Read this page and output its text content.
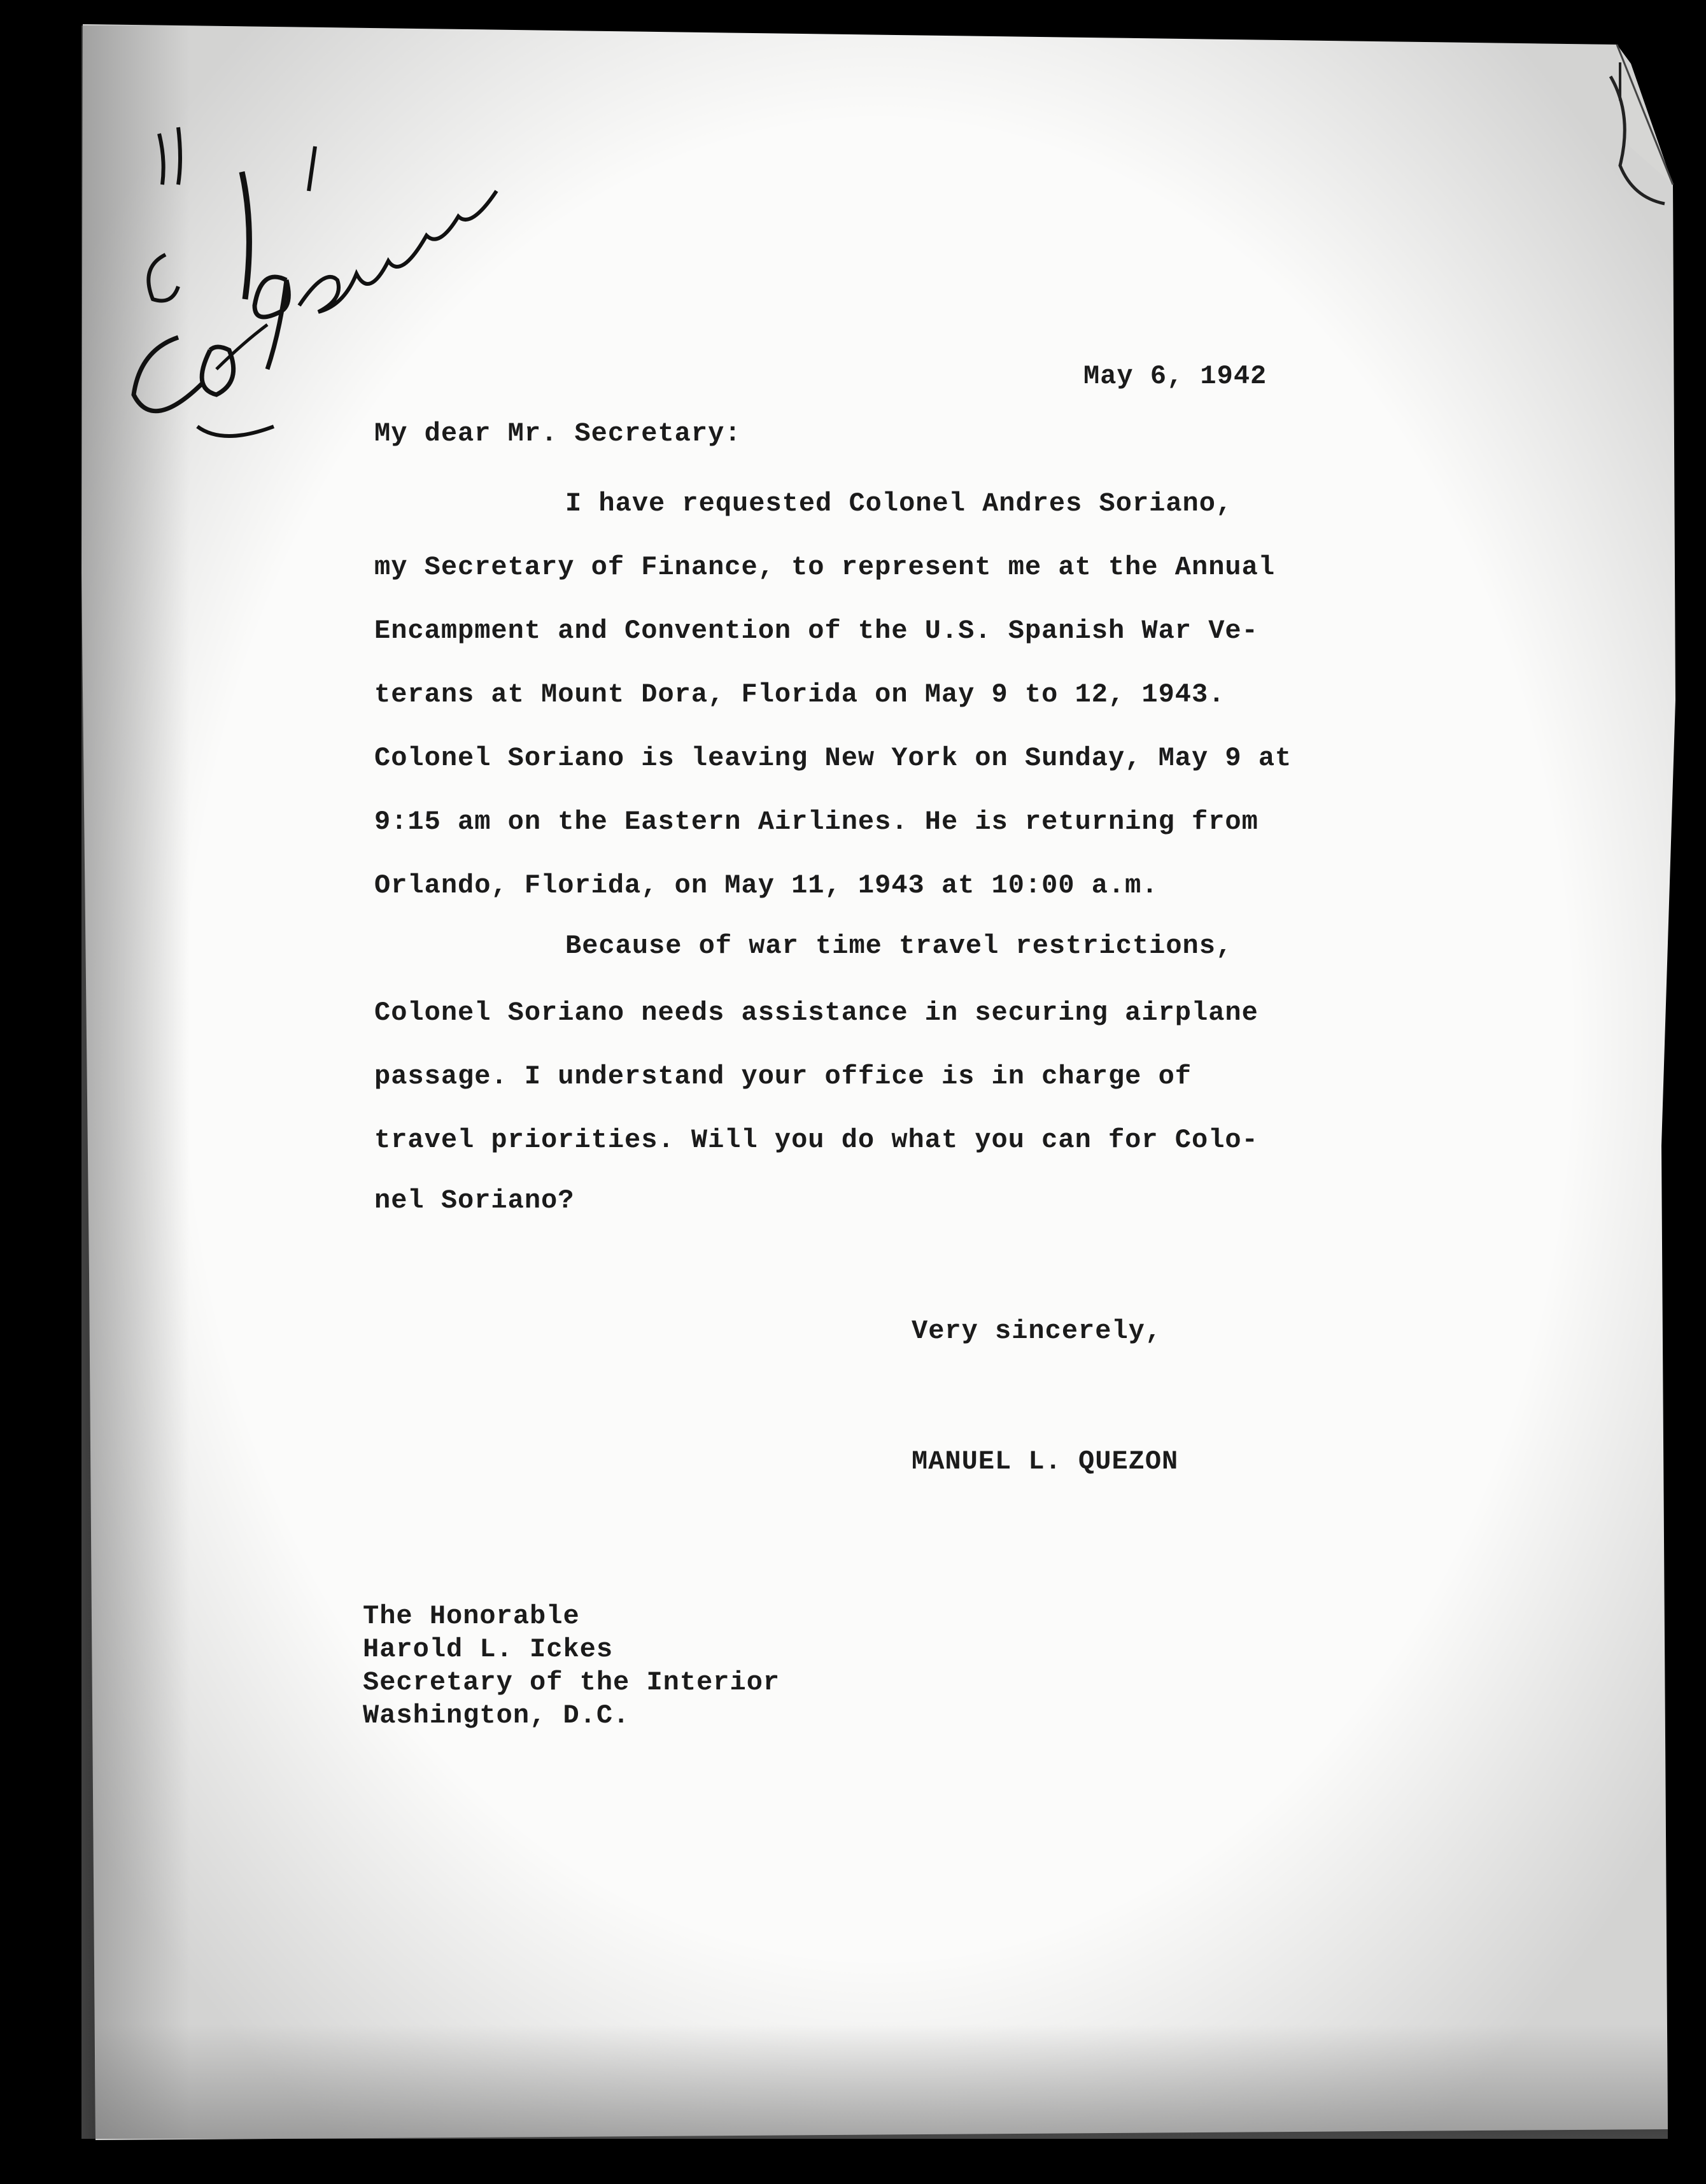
Col Soriano
May 6, 1942
My dear Mr. Secretary:
I have requested Colonel Andres Soriano,
my Secretary of Finance, to represent me at the Annual
Encampment and Convention of the U.S. Spanish War Ve-
terans at Mount Dora, Florida on May 9 to 12, 1943.
Colonel Soriano is leaving New York on Sunday, May 9 at
9:15 am on the Eastern Airlines. He is returning from
Orlando, Florida, on May 11, 1943 at 10:00 a.m.
Because of war time travel restrictions,
Colonel Soriano needs assistance in securing airplane
passage. I understand your office is in charge of
travel priorities. Will you do what you can for Colo-
nel Soriano?
Very sincerely,
MANUEL L. QUEZON
The Honorable
Harold L. Ickes
Secretary of the Interior
Washington, D.C.
